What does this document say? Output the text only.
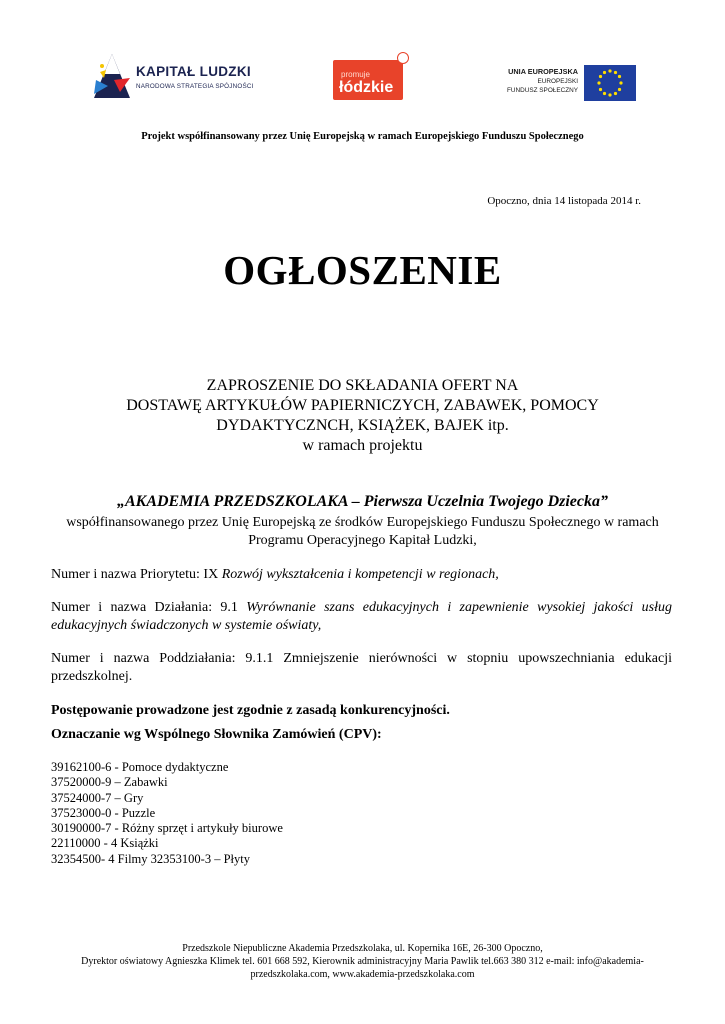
KAPITAŁ LUDZKI
NARODOWA STRATEGIA SPÓJNOŚCI
promuje
łódzkie
UNIA EUROPEJSKA
EUROPEJSKI
FUNDUSZ SPOŁECZNY
Projekt współfinansowany przez Unię Europejską w ramach Europejskiego Funduszu Społecznego
Opoczno, dnia 14 listopada 2014 r.
OGŁOSZENIE
ZAPROSZENIE DO SKŁADANIA OFERT NA
DOSTAWĘ ARTYKUŁÓW PAPIERNICZYCH, ZABAWEK, POMOCY
DYDAKTYCZNCH, KSIĄŻEK, BAJEK itp.
w ramach projektu
„AKADEMIA PRZEDSZKOLAKA – Pierwsza Uczelnia Twojego Dziecka”
współfinansowanego przez Unię Europejską ze środków Europejskiego Funduszu Społecznego w ramach
Programu Operacyjnego Kapitał Ludzki,
Numer i nazwa Priorytetu: IX Rozwój wykształcenia i kompetencji w regionach,
Numer i nazwa Działania: 9.1 Wyrównanie szans edukacyjnych i zapewnienie wysokiej jakości usług edukacyjnych świadczonych w systemie oświaty,
Numer i nazwa Poddziałania: 9.1.1 Zmniejszenie nierówności w stopniu upowszechniania edukacji przedszkolnej.
Postępowanie prowadzone jest zgodnie z zasadą konkurencyjności.
Oznaczanie wg Wspólnego Słownika Zamówień (CPV):
39162100-6 - Pomoce dydaktyczne
37520000-9 – Zabawki
37524000-7 – Gry
37523000-0 - Puzzle
30190000-7 - Różny sprzęt i artykuły biurowe
22110000 - 4 Książki
32354500- 4 Filmy 32353100-3 – Płyty
Przedszkole Niepubliczne Akademia Przedszkolaka, ul. Kopernika 16E, 26-300 Opoczno,
Dyrektor oświatowy Agnieszka Klimek tel. 601 668 592, Kierownik administracyjny Maria Pawlik tel.663 380 312 e-mail: info@akademia-
przedszkolaka.com, www.akademia-przedszkolaka.com
